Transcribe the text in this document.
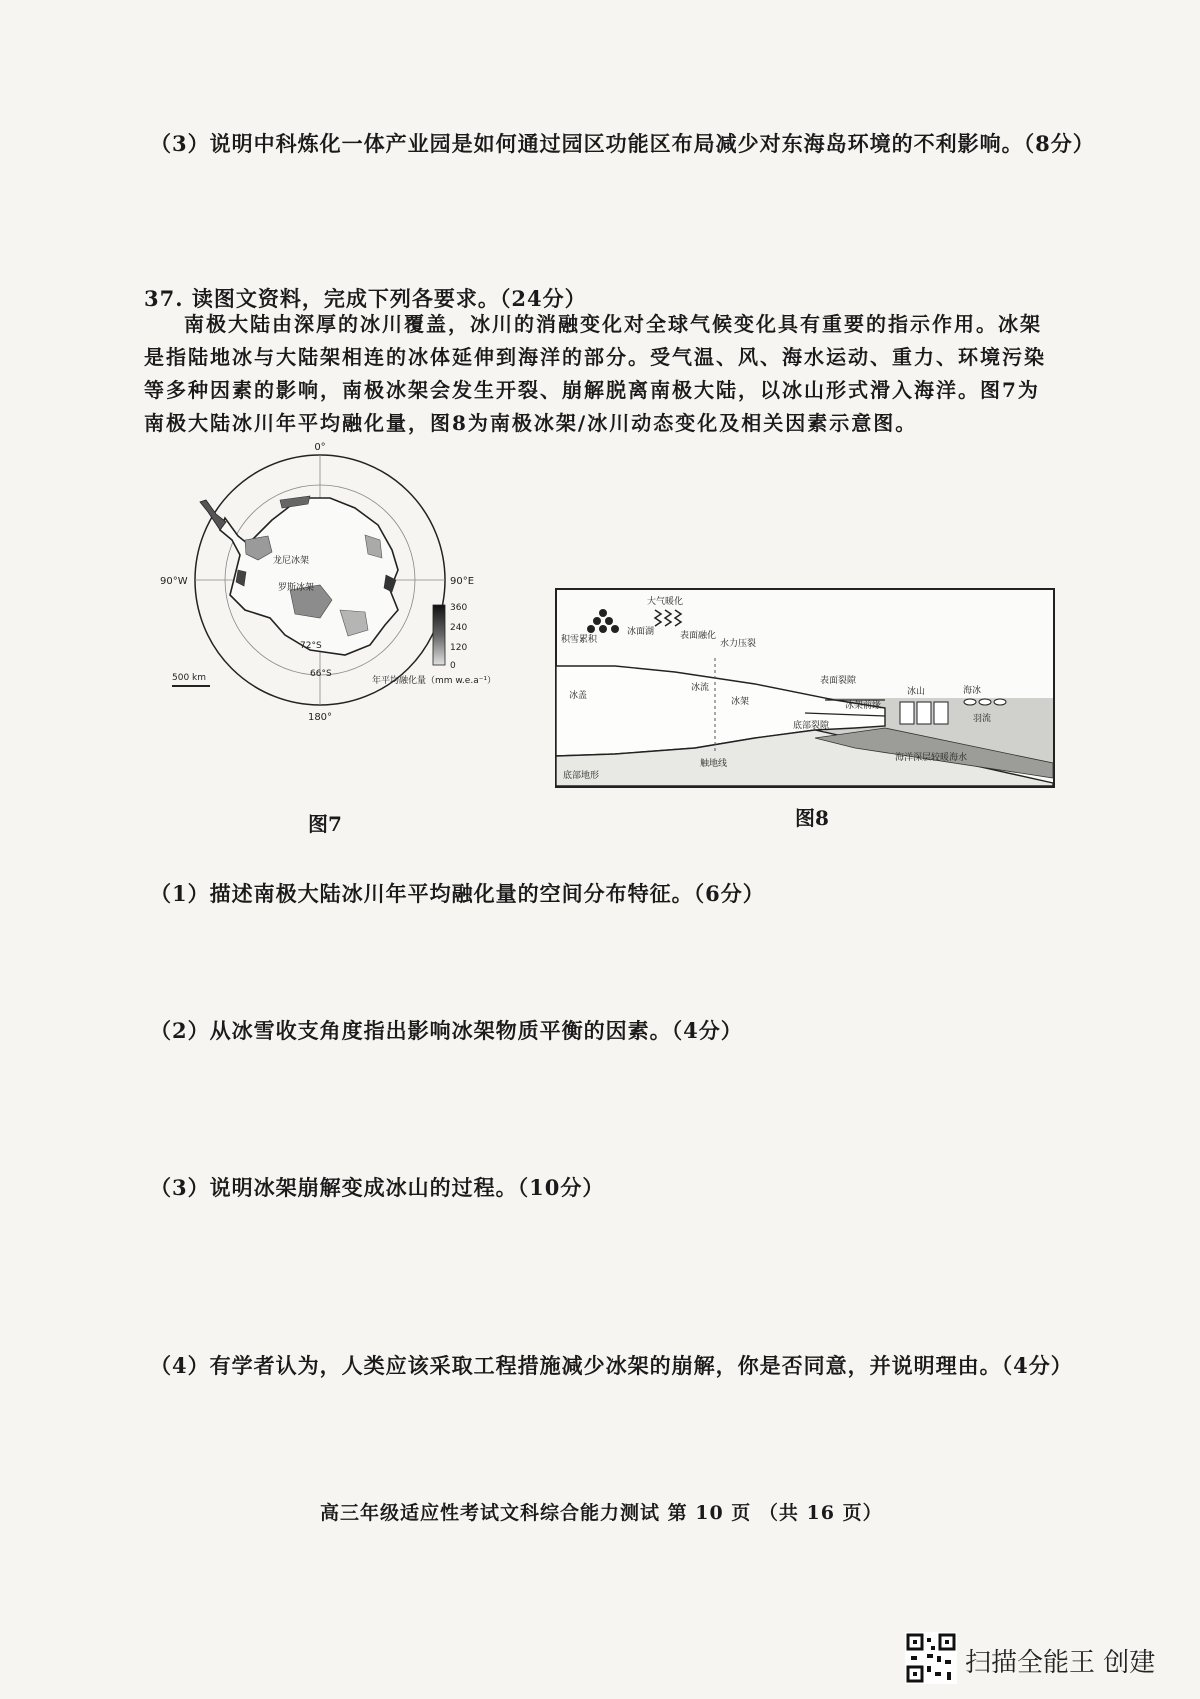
（3）说明中科炼化一体产业园是如何通过园区功能区布局减少对东海岛环境的不利影响。（8分）
37. 读图文资料，完成下列各要求。（24分）
南极大陆由深厚的冰川覆盖，冰川的消融变化对全球气候变化具有重要的指示作用。冰架是指陆地冰与大陆架相连的冰体延伸到海洋的部分。受气温、风、海水运动、重力、环境污染等多种因素的影响，南极冰架会发生开裂、崩解脱离南极大陆，以冰山形式滑入海洋。图7为南极大陆冰川年平均融化量，图8为南极冰架/冰川动态变化及相关因素示意图。
0°
90°W	90°E
180°
72°S
66°S
龙尼冰架
罗斯冰架
500 km
360
240
120
0
年平均融化量（mm w.e.a⁻¹）
图7
积雪累积
大气暖化
冰面湖	表面融化
水力压裂
冰盖
冰流
冰架
表面裂隙
底部裂隙
冰架前缘
冰山	海冰
羽流
海洋深层较暖海水
触地线
底部地形
图8
（1）描述南极大陆冰川年平均融化量的空间分布特征。（6分）
（2）从冰雪收支角度指出影响冰架物质平衡的因素。（4分）
（3）说明冰架崩解变成冰山的过程。（10分）
（4）有学者认为，人类应该采取工程措施减少冰架的崩解，你是否同意，并说明理由。（4分）
高三年级适应性考试文科综合能力测试 第 10 页 （共 16 页）
扫描全能王 创建
